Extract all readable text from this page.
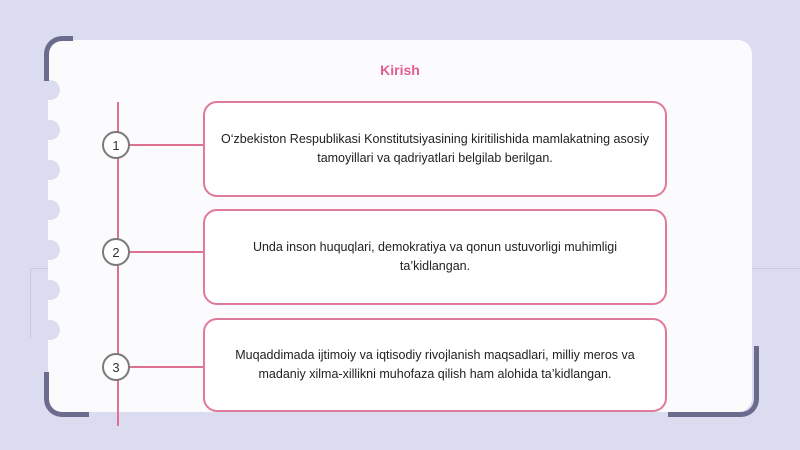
Kirish
1	O‘zbekiston Respublikasi Konstitutsiyasining kiritilishida mamlakatning asosiy tamoyillari va qadriyatlari belgilab berilgan.
2	Unda inson huquqlari, demokratiya va qonun ustuvorligi muhimligi ta’kidlangan.
3
Muqaddimada ijtimoiy va iqtisodiy rivojlanish maqsadlari, milliy meros va madaniy xilma-xillikni muhofaza qilish ham alohida ta’kidlangan.
